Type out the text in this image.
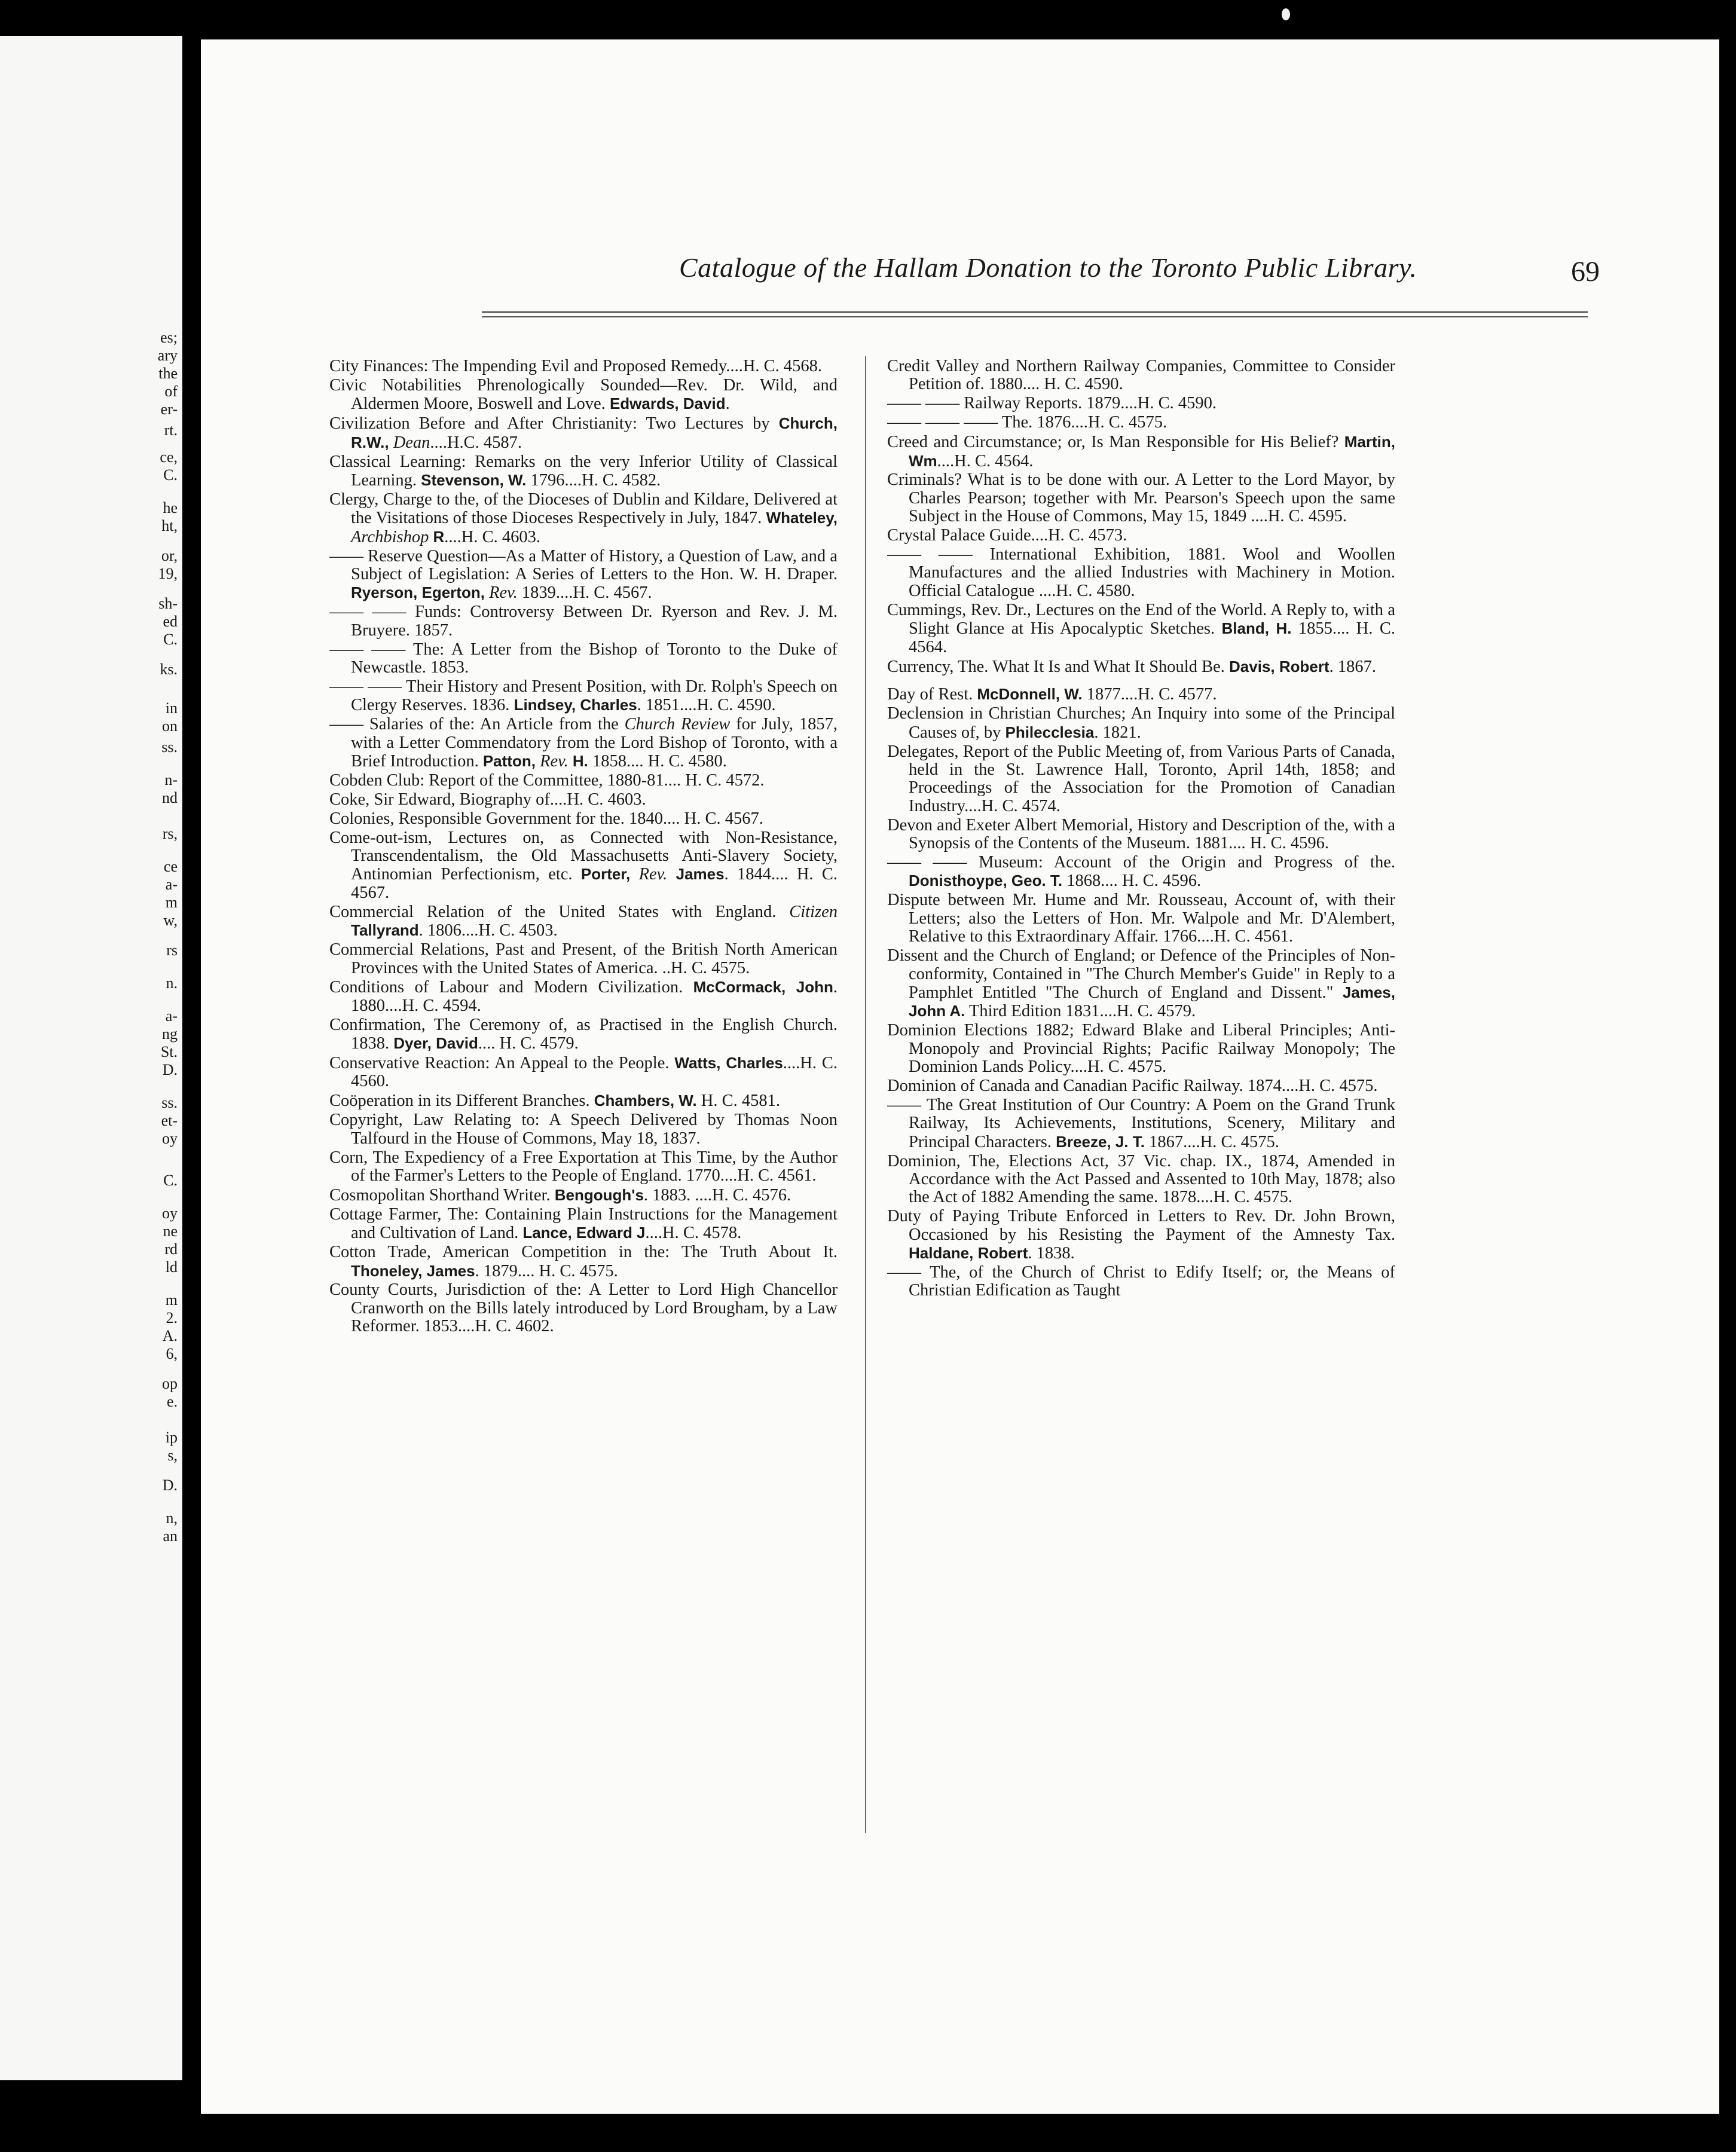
es;
ary
the
of
er-
rt.
ce,
C.
he
ht,
or,
19,
sh-
ed
C.
ks.
in
on
ss.
n-
nd
rs,
ce
a-
m
w,
rs
n.
a-
ng
St.
D.
ss.
et-
oy
C.
oy
ne
rd
ld
m
2.
A.
6,
op
e.
ip
s,
D.
n,
an
Catalogue of the Hallam Donation to the Toronto Public Library.	69

City Finances: The Impending Evil and Proposed Remedy....H. C. 4568.

Civic Notabilities Phrenologically Sounded—Rev. Dr. Wild, and Aldermen Moore, Boswell and Love. Edwards, David.

Civilization Before and After Christianity: Two Lectures by Church, R.W., Dean....H.C. 4587.

Classical Learning: Remarks on the very Inferior Utility of Classical Learning. Stevenson, W. 1796....H. C. 4582.

Clergy, Charge to the, of the Dioceses of Dublin and Kildare, Delivered at the Visitations of those Dioceses Respectively in July, 1847. Whateley, Archbishop R....H. C. 4603.

—— Reserve Question—As a Matter of History, a Question of Law, and a Subject of Legislation: A Series of Letters to the Hon. W. H. Draper. Ryerson, Egerton, Rev. 1839....H. C. 4567.

—— —— Funds: Controversy Between Dr. Ryerson and Rev. J. M. Bruyere. 1857.

—— —— The: A Letter from the Bishop of Toronto to the Duke of Newcastle. 1853.

—— —— Their History and Present Position, with Dr. Rolph's Speech on Clergy Reserves. 1836. Lindsey, Charles. 1851....H. C. 4590.

—— Salaries of the: An Article from the Church Review for July, 1857, with a Letter Commendatory from the Lord Bishop of Toronto, with a Brief Introduction. Patton, Rev. H. 1858.... H. C. 4580.

Cobden Club: Report of the Committee, 1880-81.... H. C. 4572.

Coke, Sir Edward, Biography of....H. C. 4603.

Colonies, Responsible Government for the. 1840.... H. C. 4567.

Come-out-ism, Lectures on, as Connected with Non-Resistance, Transcendentalism, the Old Massachusetts Anti-Slavery Society, Antinomian Perfectionism, etc. Porter, Rev. James. 1844.... H. C. 4567.

Commercial Relation of the United States with England. Citizen Tallyrand. 1806....H. C. 4503.

Commercial Relations, Past and Present, of the British North American Provinces with the United States of America. ..H. C. 4575.

Conditions of Labour and Modern Civilization. McCormack, John. 1880....H. C. 4594.

Confirmation, The Ceremony of, as Practised in the English Church. 1838. Dyer, David.... H. C. 4579.

Conservative Reaction: An Appeal to the People. Watts, Charles....H. C. 4560.

Coöperation in its Different Branches. Chambers, W. H. C. 4581.

Copyright, Law Relating to: A Speech Delivered by Thomas Noon Talfourd in the House of Commons, May 18, 1837.

Corn, The Expediency of a Free Exportation at This Time, by the Author of the Farmer's Letters to the People of England. 1770....H. C. 4561.

Cosmopolitan Shorthand Writer. Bengough's. 1883. ....H. C. 4576.

Cottage Farmer, The: Containing Plain Instructions for the Management and Cultivation of Land. Lance, Edward J....H. C. 4578.

Cotton Trade, American Competition in the: The Truth About It. Thoneley, James. 1879.... H. C. 4575.

County Courts, Jurisdiction of the: A Letter to Lord High Chancellor Cranworth on the Bills lately introduced by Lord Brougham, by a Law Reformer. 1853....H. C. 4602.

Credit Valley and Northern Railway Companies, Committee to Consider Petition of. 1880.... H. C. 4590.

—— —— Railway Reports. 1879....H. C. 4590.

—— —— —— The. 1876....H. C. 4575.

Creed and Circumstance; or, Is Man Responsible for His Belief? Martin, Wm....H. C. 4564.

Criminals? What is to be done with our. A Letter to the Lord Mayor, by Charles Pearson; together with Mr. Pearson's Speech upon the same Subject in the House of Commons, May 15, 1849 ....H. C. 4595.

Crystal Palace Guide....H. C. 4573.

—— —— International Exhibition, 1881. Wool and Woollen Manufactures and the allied Industries with Machinery in Motion. Official Catalogue ....H. C. 4580.

Cummings, Rev. Dr., Lectures on the End of the World. A Reply to, with a Slight Glance at His Apocalyptic Sketches. Bland, H. 1855.... H. C. 4564.

Currency, The. What It Is and What It Should Be. Davis, Robert. 1867.

Day of Rest. McDonnell, W. 1877....H. C. 4577.

Declension in Christian Churches; An Inquiry into some of the Principal Causes of, by Philecclesia. 1821.

Delegates, Report of the Public Meeting of, from Various Parts of Canada, held in the St. Lawrence Hall, Toronto, April 14th, 1858; and Proceedings of the Association for the Promotion of Canadian Industry....H. C. 4574.

Devon and Exeter Albert Memorial, History and Description of the, with a Synopsis of the Contents of the Museum. 1881.... H. C. 4596.

—— —— Museum: Account of the Origin and Progress of the. Donisthoype, Geo. T. 1868.... H. C. 4596.

Dispute between Mr. Hume and Mr. Rousseau, Account of, with their Letters; also the Letters of Hon. Mr. Walpole and Mr. D'Alembert, Relative to this Extraordinary Affair. 1766....H. C. 4561.

Dissent and the Church of England; or Defence of the Principles of Non-conformity, Contained in "The Church Member's Guide" in Reply to a Pamphlet Entitled "The Church of England and Dissent." James, John A. Third Edition 1831....H. C. 4579.

Dominion Elections 1882; Edward Blake and Liberal Principles; Anti-Monopoly and Provincial Rights; Pacific Railway Monopoly; The Dominion Lands Policy....H. C. 4575.

Dominion of Canada and Canadian Pacific Railway. 1874....H. C. 4575.

—— The Great Institution of Our Country: A Poem on the Grand Trunk Railway, Its Achievements, Institutions, Scenery, Military and Principal Characters. Breeze, J. T. 1867....H. C. 4575.

Dominion, The, Elections Act, 37 Vic. chap. IX., 1874, Amended in Accordance with the Act Passed and Assented to 10th May, 1878; also the Act of 1882 Amending the same. 1878....H. C. 4575.

Duty of Paying Tribute Enforced in Letters to Rev. Dr. John Brown, Occasioned by his Resisting the Payment of the Amnesty Tax. Haldane, Robert. 1838.

—— The, of the Church of Christ to Edify Itself; or, the Means of Christian Edification as Taught
